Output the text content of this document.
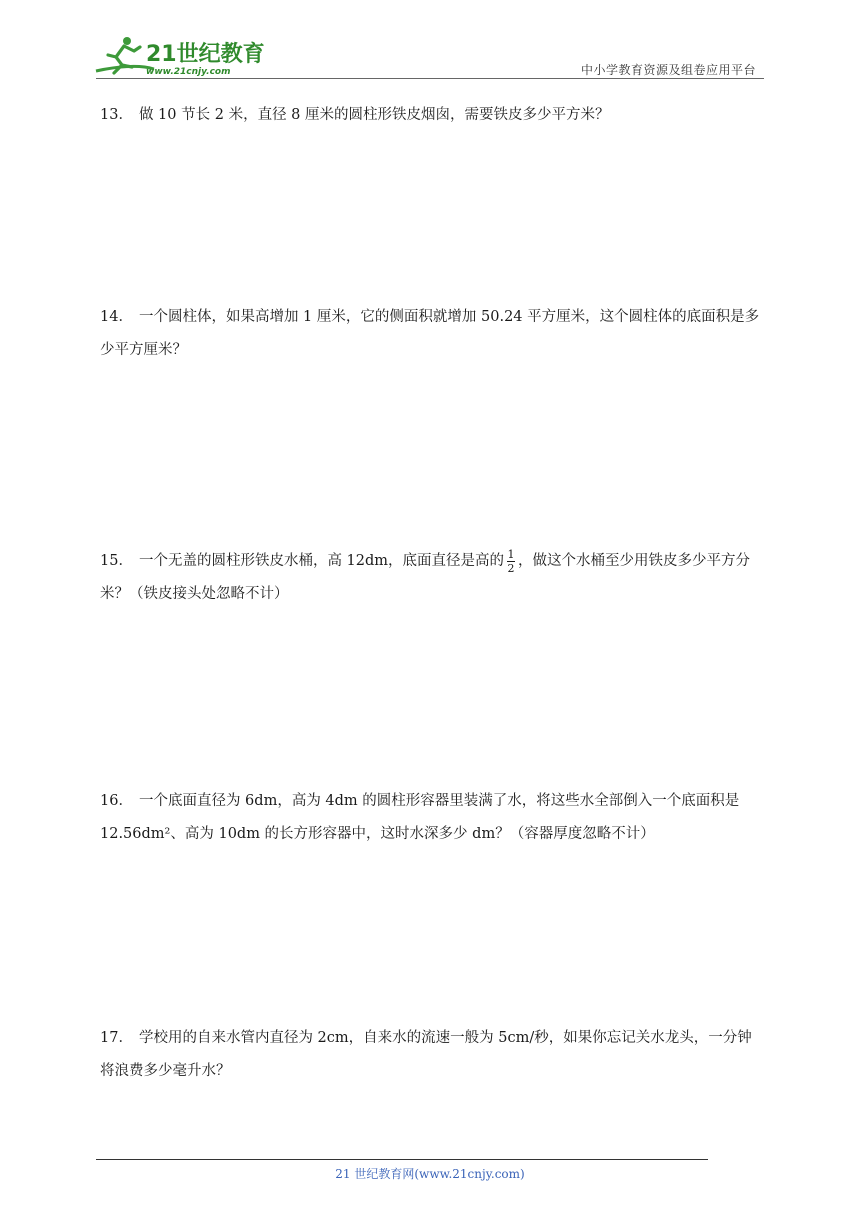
21世纪教育
www.21cnjy.com	中小学教育资源及组卷应用平台
13． 做 10 节长 2 米，直径 8 厘米的圆柱形铁皮烟囱，需要铁皮多少平方米？
14． 一个圆柱体，如果高增加 1 厘米，它的侧面积就增加 50.24 平方厘米，这个圆柱体的底面积是多少平方厘米？
15． 一个无盖的圆柱形铁皮水桶，高 12dm，底面直径是高的 $\frac{1}{2}$ ，做这个水桶至少用铁皮多少平方分米？（铁皮接头处忽略不计）
16． 一个底面直径为 6dm，高为 4dm 的圆柱形容器里装满了水，将这些水全部倒入一个底面积是 12.56dm²、高为 10dm 的长方形容器中，这时水深多少 dm？（容器厚度忽略不计）
17． 学校用的自来水管内直径为 2cm，自来水的流速一般为 5cm/秒，如果你忘记关水龙头，一分钟将浪费多少毫升水？
21 世纪教育网(www.21cnjy.com)
